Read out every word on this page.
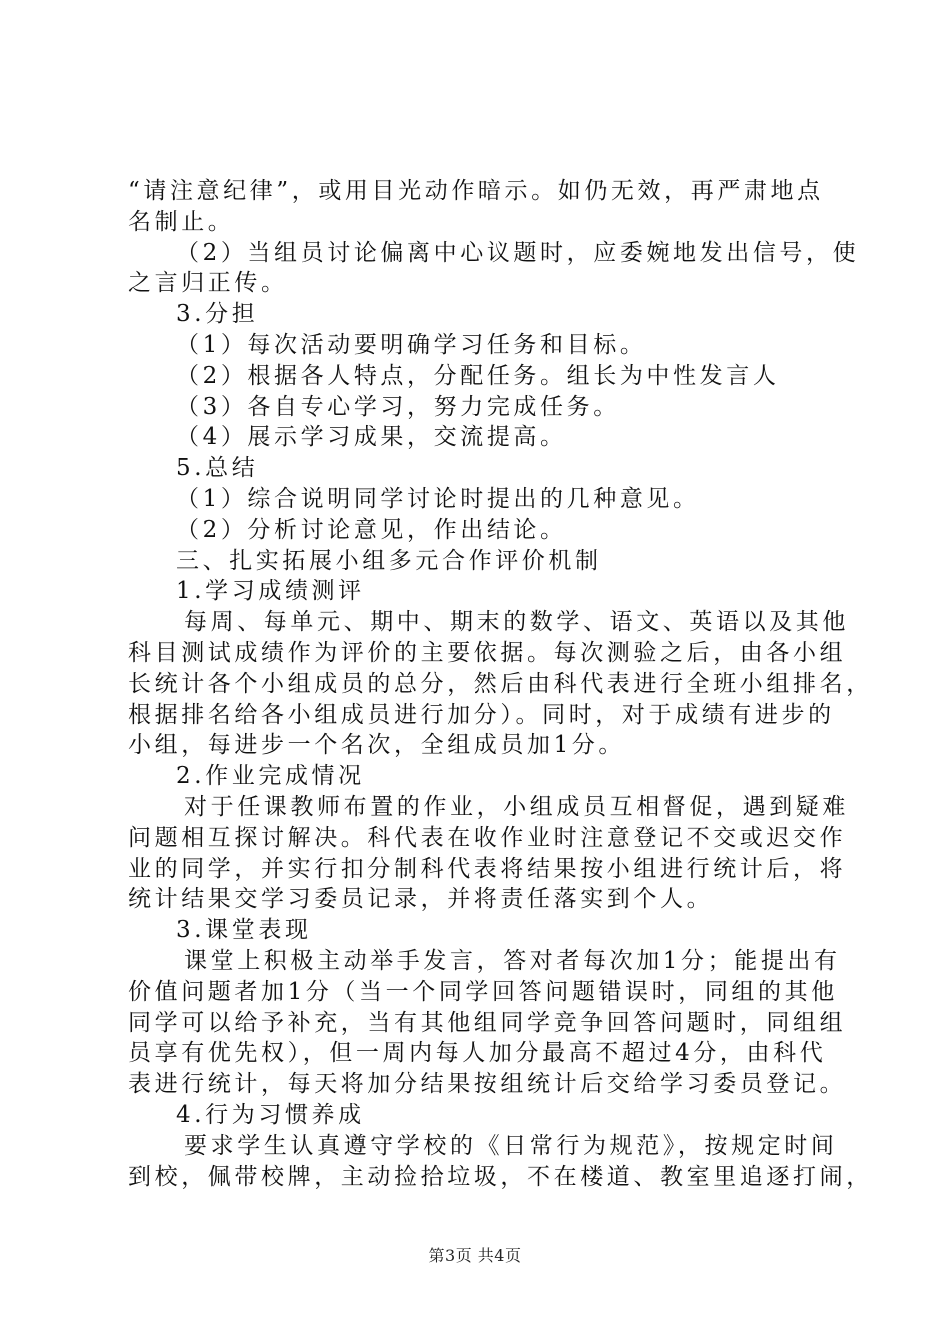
“请注意纪律”，或用目光动作暗示。如仍无效，再严肃地点
名制止。
（2）当组员讨论偏离中心议题时，应委婉地发出信号，使
之言归正传。
3.分担
（1）每次活动要明确学习任务和目标。
（2）根据各人特点，分配任务。组长为中性发言人
（3）各自专心学习，努力完成任务。
（4）展示学习成果，交流提高。
5.总结
（1）综合说明同学讨论时提出的几种意见。
（2）分析讨论意见，作出结论。
三、扎实拓展小组多元合作评价机制
1.学习成绩测评
每周、每单元、期中、期末的数学、语文、英语以及其他
科目测试成绩作为评价的主要依据。每次测验之后，由各小组
长统计各个小组成员的总分，然后由科代表进行全班小组排名，
根据排名给各小组成员进行加分）。同时，对于成绩有进步的
小组，每进步一个名次，全组成员加1分。
2.作业完成情况
对于任课教师布置的作业，小组成员互相督促，遇到疑难
问题相互探讨解决。科代表在收作业时注意登记不交或迟交作
业的同学，并实行扣分制科代表将结果按小组进行统计后，将
统计结果交学习委员记录，并将责任落实到个人。
3.课堂表现
课堂上积极主动举手发言，答对者每次加1分；能提出有
价值问题者加1分（当一个同学回答问题错误时，同组的其他
同学可以给予补充，当有其他组同学竞争回答问题时，同组组
员享有优先权），但一周内每人加分最高不超过4分，由科代
表进行统计，每天将加分结果按组统计后交给学习委员登记。
4.行为习惯养成
要求学生认真遵守学校的《日常行为规范》，按规定时间
到校，佩带校牌，主动捡拾垃圾，不在楼道、教室里追逐打闹，
第3页 共4页
